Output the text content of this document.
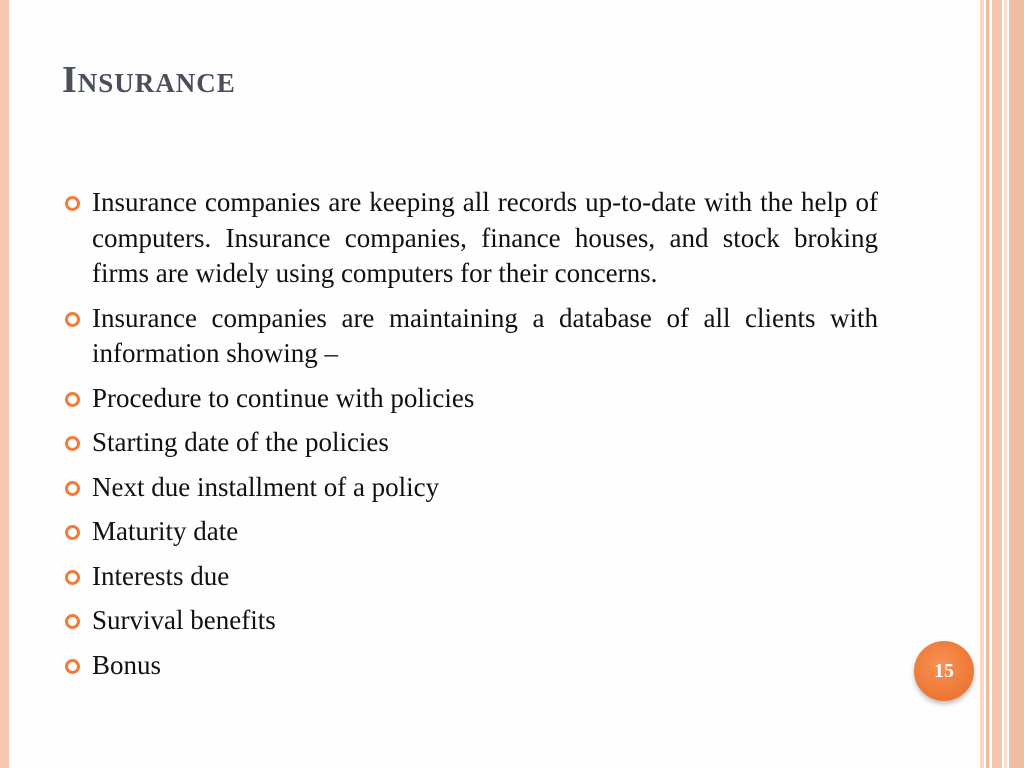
Insurance
Insurance companies are keeping all records up-to-date with the help of computers. Insurance companies, finance houses, and stock broking firms are widely using computers for their concerns.
Insurance companies are maintaining a database of all clients with information showing –
Procedure to continue with policies
Starting date of the policies
Next due installment of a policy
Maturity date
Interests due
Survival benefits
Bonus	15
